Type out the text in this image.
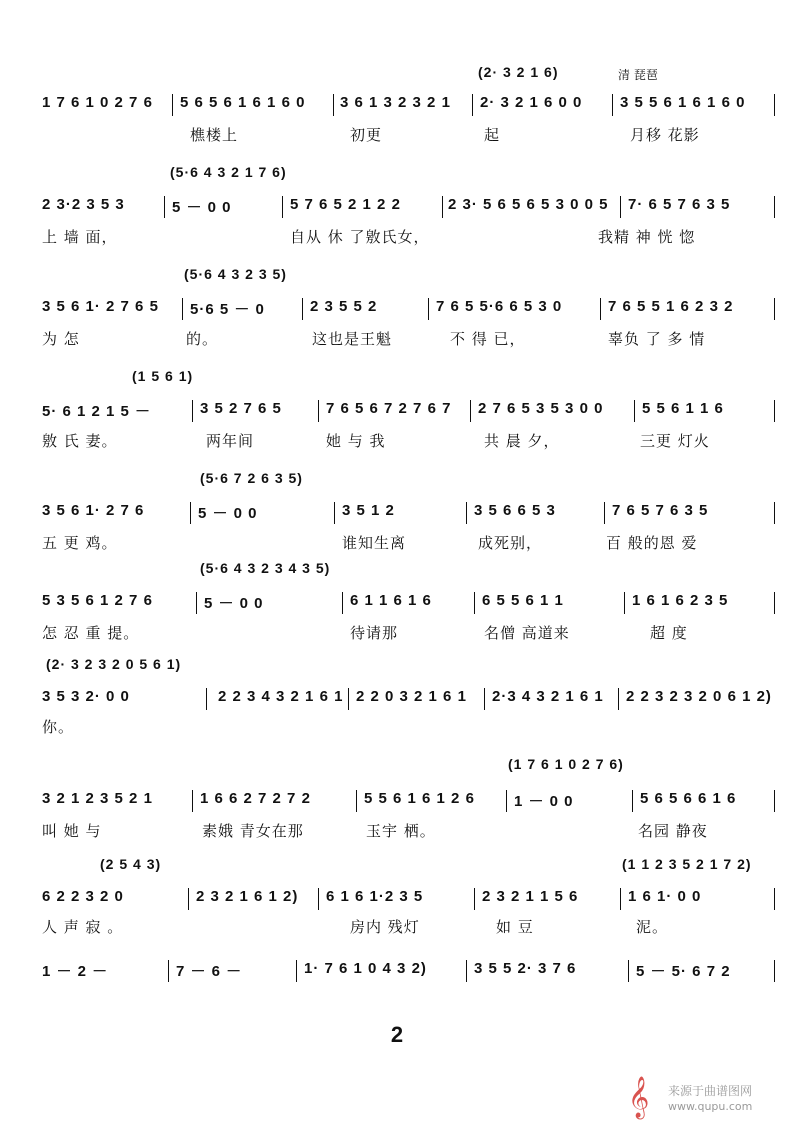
(2· 3 2 1 6)	清 琵琶
1 7 6 1 0 2 7 6 5 6 5 6 1 6 1 6 0 3 6 1 3 2 3 2 1 2· 3 2 1 6 0 0	3 5 5 6 1 6 1 6 0
樵楼上	初更	起	月移 花影
(5·6 4 3 2 1 7 6)
2 3·2 3 5 3	5 － 0 0	5 7 6 5 2 1 2 2	2 3· 5 6 5 6 5 3 0 0 5 7· 6 5 7 6 3 5
上 墙 面，	自从 休 了敫氏女，	我精 神 恍 惚
(5·6 4 3 2 3 5)
3 5 6 1· 2 7 6 5 5·6 5 － 0	2 3 5 5 2	7 6 5 5·6 6 5 3 0	7 6 5 5 1 6 2 3 2
为 怎	的。	这也是王魁	不 得 已，	辜负 了 多 情
(1 5 6 1)
5· 6 1 2 1 5 －	3 5 2 7 6 5	7 6 5 6 7 2 7 6 7 2 7 6 5 3 5 3 0 0	5 5 6 1 1 6
敫 氏 妻。	两年间	她 与 我	共 晨 夕，	三更 灯火
(5·6 7 2 6 3 5)
3 5 6 1· 2 7 6	5 － 0 0	3 5 1 2	3 5 6 6 5 3	7 6 5 7 6 3 5
五 更 鸡。	谁知生离	成死别，	百 般的恩 爱
(5·6 4 3 2 3 4 3 5)
5 3 5 6 1 2 7 6	5 － 0 0	6 1 1 6 1 6	6 5 5 6 1 1	1 6 1 6 2 3 5
怎 忍 重 提。	待请那	名僧 高道来	超 度
(2· 3 2 3 2 0 5 6 1)
3 5 3 2· 0 0	2 2 3 4 3 2 1 6 1 2 2 0 3 2 1 6 1 2·3 4 3 2 1 6 1 2 2 3 2 3 2 0 6 1 2)
你。
(1 7 6 1 0 2 7 6)
3 2 1 2 3 5 2 1	1 6 6 2 7 2 7 2	5 5 6 1 6 1 2 6	1 － 0 0	5 6 5 6 6 1 6
叫 她 与	素娥 青女在那	玉宇 栖。	名园 静夜
(2 5 4 3)	(1 1 2 3 5 2 1 7 2)
6 2 2 3 2 0	2 3 2 1 6 1 2) 6 1 6 1·2 3 5	2 3 2 1 1 5 6	1 6 1· 0 0
人 声 寂 。	房内 残灯	如 豆	泥。
1 － 2 －	7 － 6 －	1· 7 6 1 0 4 3 2)	3 5 5 2· 3 7 6	5 － 5· 6 7 2
2
𝄞 来源于曲谱图网
www.qupu.com
